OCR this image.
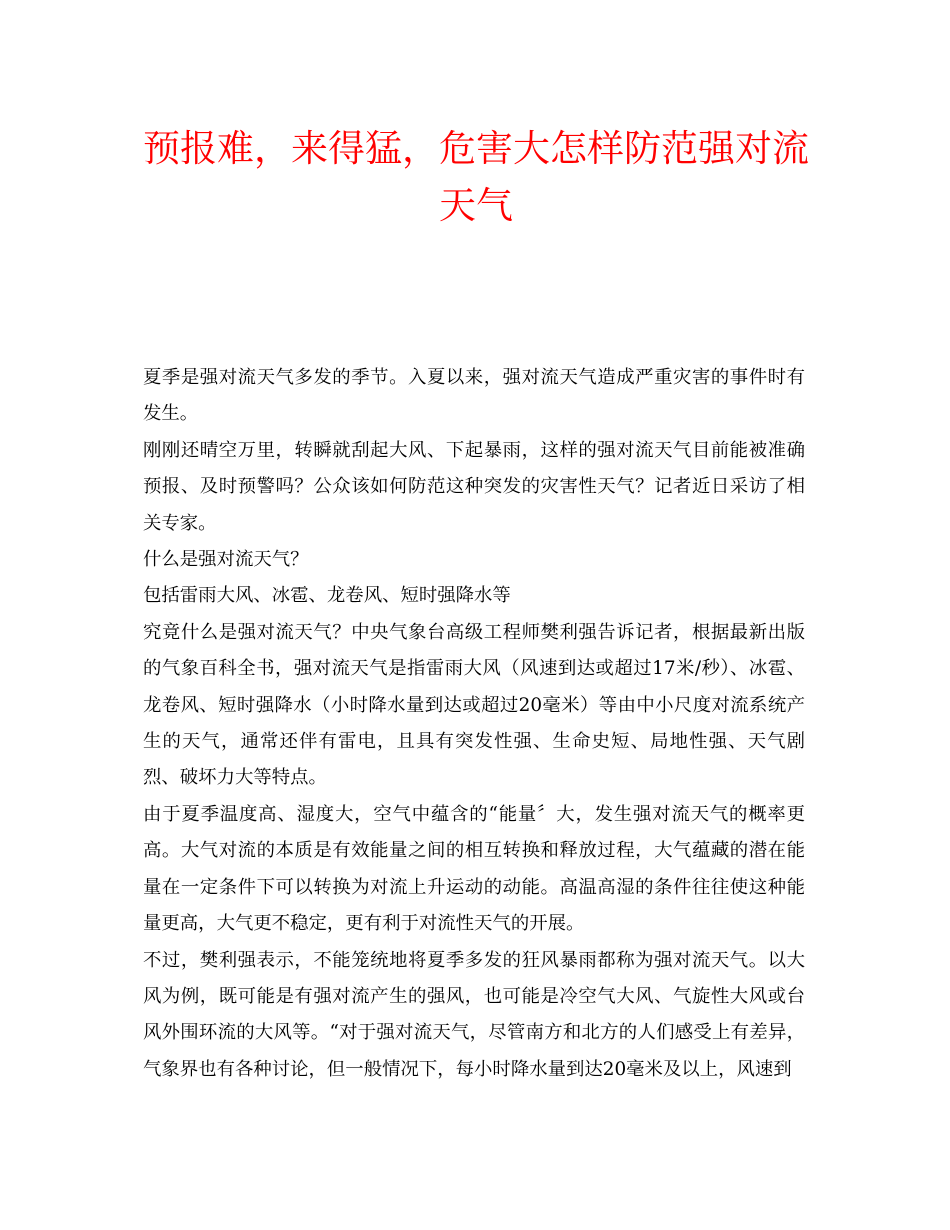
预报难，来得猛，危害大怎样防范强对流天气

夏季是强对流天气多发的季节。入夏以来，强对流天气造成严重灾害的事件时有发生。

刚刚还晴空万里，转瞬就刮起大风、下起暴雨，这样的强对流天气目前能被准确预报、及时预警吗？公众该如何防范这种突发的灾害性天气？记者近日采访了相关专家。

什么是强对流天气？

包括雷雨大风、冰雹、龙卷风、短时强降水等

究竟什么是强对流天气？中央气象台高级工程师樊利强告诉记者，根据最新出版的气象百科全书，强对流天气是指雷雨大风（风速到达或超过17米/秒）、冰雹、龙卷风、短时强降水（小时降水量到达或超过20毫米）等由中小尺度对流系统产生的天气，通常还伴有雷电，且具有突发性强、生命史短、局地性强、天气剧烈、破坏力大等特点。

由于夏季温度高、湿度大，空气中蕴含的“能量〞大，发生强对流天气的概率更高。大气对流的本质是有效能量之间的相互转换和释放过程，大气蕴藏的潜在能量在一定条件下可以转换为对流上升运动的动能。高温高湿的条件往往使这种能量更高，大气更不稳定，更有利于对流性天气的开展。

不过，樊利强表示，不能笼统地将夏季多发的狂风暴雨都称为强对流天气。以大风为例，既可能是有强对流产生的强风，也可能是冷空气大风、气旋性大风或台风外围环流的大风等。“对于强对流天气，尽管南方和北方的人们感受上有差异，气象界也有各种讨论，但一般情况下，每小时降水量到达20毫米及以上，风速到
